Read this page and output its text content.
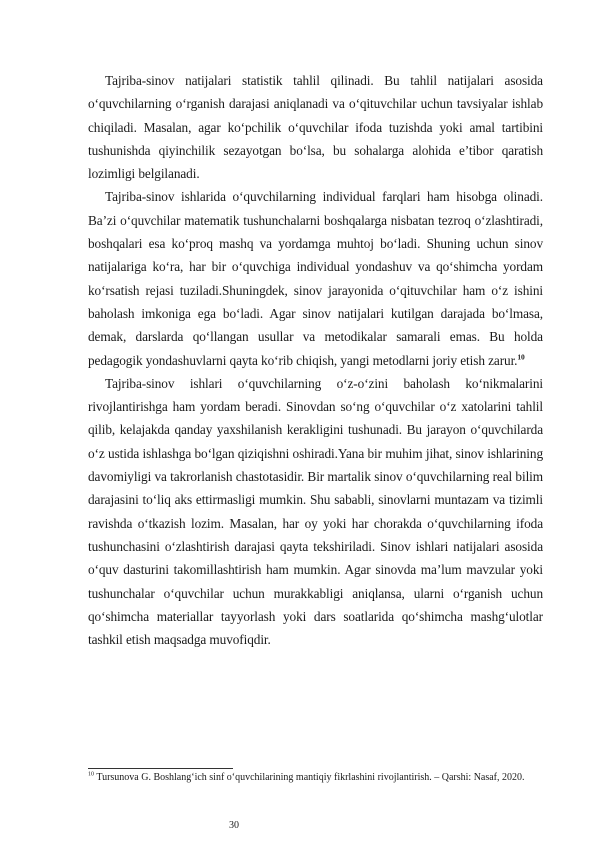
Tajriba-sinov natijalari statistik tahlil qilinadi. Bu tahlil natijalari asosida o‘quvchilarning o‘rganish darajasi aniqlanadi va o‘qituvchilar uchun tavsiyalar ishlab chiqiladi. Masalan, agar ko‘pchilik o‘quvchilar ifoda tuzishda yoki amal tartibini tushunishda qiyinchilik sezayotgan bo‘lsa, bu sohalarga alohida e’tibor qaratish lozimligi belgilanadi.

Tajriba-sinov ishlarida o‘quvchilarning individual farqlari ham hisobga olinadi. Ba’zi o‘quvchilar matematik tushunchalarni boshqalarga nisbatan tezroq o‘zlashtiradi, boshqalari esa ko‘proq mashq va yordamga muhtoj bo‘ladi. Shuning uchun sinov natijalariga ko‘ra, har bir o‘quvchiga individual yondashuv va qo‘shimcha yordam ko‘rsatish rejasi tuziladi.Shuningdek, sinov jarayonida o‘qituvchilar ham o‘z ishini baholash imkoniga ega bo‘ladi. Agar sinov natijalari kutilgan darajada bo‘lmasa, demak, darslarda qo‘llangan usullar va metodikalar samarali emas. Bu holda pedagogik yondashuvlarni qayta ko‘rib chiqish, yangi metodlarni joriy etish zarur.$^{10}$

Tajriba-sinov ishlari o‘quvchilarning o‘z-o‘zini baholash ko‘nikmalarini rivojlantirishga ham yordam beradi. Sinovdan so‘ng o‘quvchilar o‘z xatolarini tahlil qilib, kelajakda qanday yaxshilanish kerakligini tushunadi. Bu jarayon o‘quvchilarda o‘z ustida ishlashga bo‘lgan qiziqishni oshiradi.Yana bir muhim jihat, sinov ishlarining davomiyligi va takrorlanish chastotasidir. Bir martalik sinov o‘quvchilarning real bilim darajasini to‘liq aks ettirmasligi mumkin. Shu sababli, sinovlarni muntazam va tizimli ravishda o‘tkazish lozim. Masalan, har oy yoki har chorakda o‘quvchilarning ifoda tushunchasini o‘zlashtirish darajasi qayta tekshiriladi. Sinov ishlari natijalari asosida o‘quv dasturini takomillashtirish ham mumkin. Agar sinovda ma’lum mavzular yoki tushunchalar o‘quvchilar uchun murakkabligi aniqlansa, ularni o‘rganish uchun qo‘shimcha materiallar tayyorlash yoki dars soatlarida qo‘shimcha mashg‘ulotlar tashkil etish maqsadga muvofiqdir.

$^{10}$ Tursunova G. Boshlang‘ich sinf o‘quvchilarining mantiqiy fikrlashini rivojlantirish. – Qarshi: Nasaf, 2020.
30
